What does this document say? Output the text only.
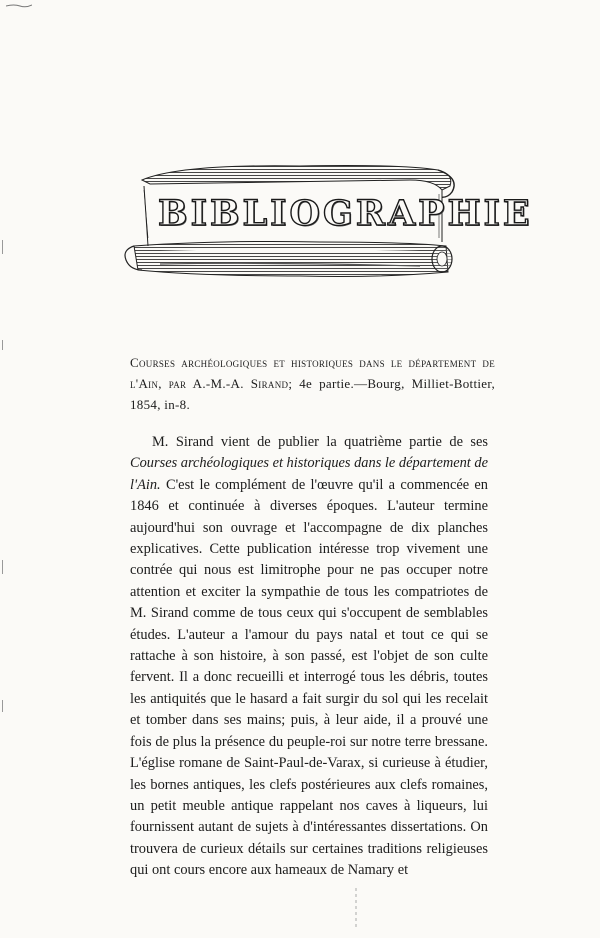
BIBLIOGRAPHIE
Courses archéologiques et historiques dans le département de l'Ain, par A.-M.-A. Sirand; 4e partie.—Bourg, Milliet-Bottier, 1854, in-8.

M. Sirand vient de publier la quatrième partie de ses Courses archéologiques et historiques dans le département de l'Ain. C'est le complément de l'œuvre qu'il a commencée en 1846 et continuée à diverses époques. L'auteur termine aujourd'hui son ouvrage et l'accompagne de dix planches explicatives. Cette publication intéresse trop vivement une contrée qui nous est limitrophe pour ne pas occuper notre attention et exciter la sympathie de tous les compatriotes de M. Sirand comme de tous ceux qui s'occupent de semblables études. L'auteur a l'amour du pays natal et tout ce qui se rattache à son histoire, à son passé, est l'objet de son culte fervent. Il a donc recueilli et interrogé tous les débris, toutes les antiquités que le hasard a fait surgir du sol qui les recelait et tomber dans ses mains; puis, à leur aide, il a prouvé une fois de plus la présence du peuple-roi sur notre terre bressane. L'église romane de Saint-Paul-de-Varax, si curieuse à étudier, les bornes antiques, les clefs postérieures aux clefs romaines, un petit meuble antique rappelant nos caves à liqueurs, lui fournissent autant de sujets à d'intéressantes dissertations. On trouvera de curieux détails sur certaines traditions religieuses qui ont cours encore aux hameaux de Namary et
